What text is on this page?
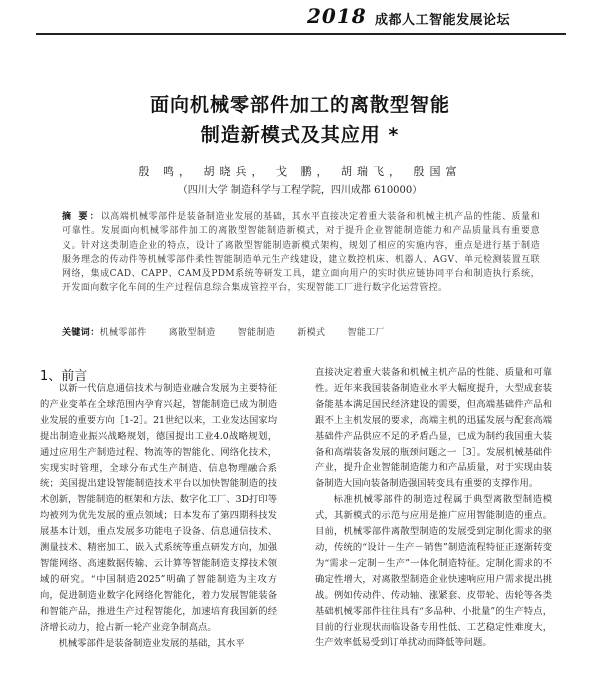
2018 成都人工智能发展论坛
面向机械零部件加工的离散型智能
制造新模式及其应用 *
殷 鸣， 胡晓兵， 戈 鹏， 胡瑞飞， 殷国富
（四川大学 制造科学与工程学院，四川成都 610000）
摘 要：以高端机械零部件是装备制造业发展的基础，其水平直接决定着重大装备和机械主机产品的性能、质量和可靠性。发展面向机械零部件加工的离散型智能制造新模式，对于提升企业智能制造能力和产品质量具有重要意义。针对这类制造企业的特点，设计了离散型智能制造新模式架构，规划了相应的实施内容，重点是进行基于制造服务理念的传动件等机械零部件柔性智能制造单元生产线建设，建立数控机床、机器人、AGV、单元检测装置互联网络，集成CAD、CAPP、CAM及PDM系统等研发工具，建立面向用户的实时供应链协同平台和制造执行系统，开发面向数字化车间的生产过程信息综合集成管控平台，实现智能工厂进行数字化运营管控。
关键词：机械零部件 离散型制造 智能制造 新模式 智能工厂
1、前言

以新一代信息通信技术与制造业融合发展为主要特征的产业变革在全球范围内孕育兴起，智能制造已成为制造业发展的重要方向［1-2］。21世纪以来，工业发达国家均提出制造业振兴战略规划，德国提出工业4.0战略规划，通过应用生产制造过程、物流等的智能化、网络化技术，实现实时管理，全球分布式生产制造、信息物理融合系统；美国提出建设智能制造技术平台以加快智能制造的技术创新，智能制造的框架和方法、数字化工厂、3D打印等均被列为优先发展的重点领域；日本发布了第四期科技发展基本计划，重点发展多功能电子设备、信息通信技术、测量技术、精密加工、嵌入式系统等重点研发方向，加强智能网络、高速数据传输、云计算等智能制造支撑技术领域的研究。“中国制造2025”明确了智能制造为主攻方向，促进制造业数字化网络化智能化，着力发展智能装备和智能产品，推进生产过程智能化，加速培育我国新的经济增长动力，抢占新一轮产业竞争制高点。

机械零部件是装备制造业发展的基础，其水平

直接决定着重大装备和机械主机产品的性能、质量和可靠性。近年来我国装备制造业水平大幅度提升，大型成套装备能基本满足国民经济建设的需要，但高端基础件产品和跟不上主机发展的要求，高端主机的迅猛发展与配套高端基础件产品供应不足的矛盾凸显，已成为制约我国重大装备和高端装备发展的瓶颈问题之一［3］。发展机械基础件产业，提升企业智能制造能力和产品质量，对于实现由装备制造大国向装备制造强国转变具有重要的支撑作用。

标准机械零部件的制造过程属于典型离散型制造模式，其新模式的示范与应用是推广应用智能制造的重点。目前，机械零部件离散型制造的发展受到定制化需求的驱动，传统的“设计－生产－销售”制造流程特征正逐渐转变为“需求－定制－生产”一体化制造特征。定制化需求的不确定性增大，对离散型制造企业快速响应用户需求提出挑战。例如传动件、传动轴、涨紧套、皮带轮、齿轮等各类基础机械零部件往往具有“多品种、小批量”的生产特点，目前的行业现状而临设备专用性低、工艺稳定性难度大，生产效率低易受到订单扰动而降低等问题。
